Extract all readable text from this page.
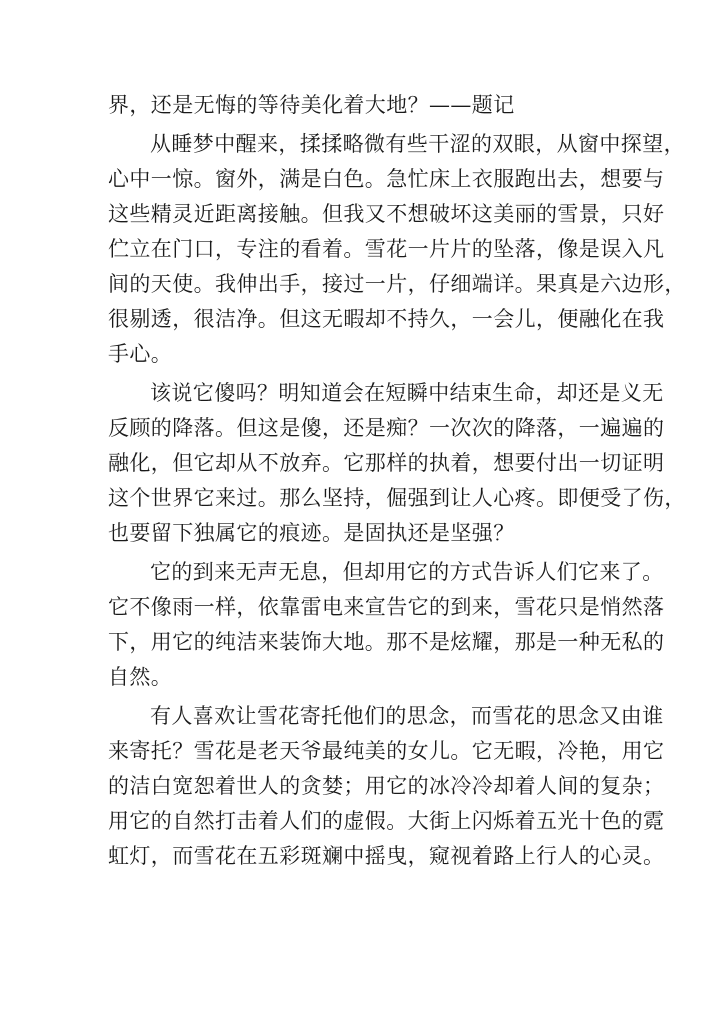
界，还是无悔的等待美化着大地？——题记
从睡梦中醒来，揉揉略微有些干涩的双眼，从窗中探望，
心中一惊。窗外，满是白色。急忙床上衣服跑出去，想要与
这些精灵近距离接触。但我又不想破坏这美丽的雪景，只好
伫立在门口，专注的看着。雪花一片片的坠落，像是误入凡
间的天使。我伸出手，接过一片，仔细端详。果真是六边形，
很剔透，很洁净。但这无暇却不持久，一会儿，便融化在我
手心。
该说它傻吗？明知道会在短瞬中结束生命，却还是义无
反顾的降落。但这是傻，还是痴？一次次的降落，一遍遍的
融化，但它却从不放弃。它那样的执着，想要付出一切证明
这个世界它来过。那么坚持，倔强到让人心疼。即便受了伤，
也要留下独属它的痕迹。是固执还是坚强？
它的到来无声无息，但却用它的方式告诉人们它来了。
它不像雨一样，依靠雷电来宣告它的到来，雪花只是悄然落
下，用它的纯洁来装饰大地。那不是炫耀，那是一种无私的
自然。
有人喜欢让雪花寄托他们的思念，而雪花的思念又由谁
来寄托？雪花是老天爷最纯美的女儿。它无暇，冷艳，用它
的洁白宽恕着世人的贪婪；用它的冰冷冷却着人间的复杂；
用它的自然打击着人们的虚假。大街上闪烁着五光十色的霓
虹灯，而雪花在五彩斑斓中摇曳，窥视着路上行人的心灵。
